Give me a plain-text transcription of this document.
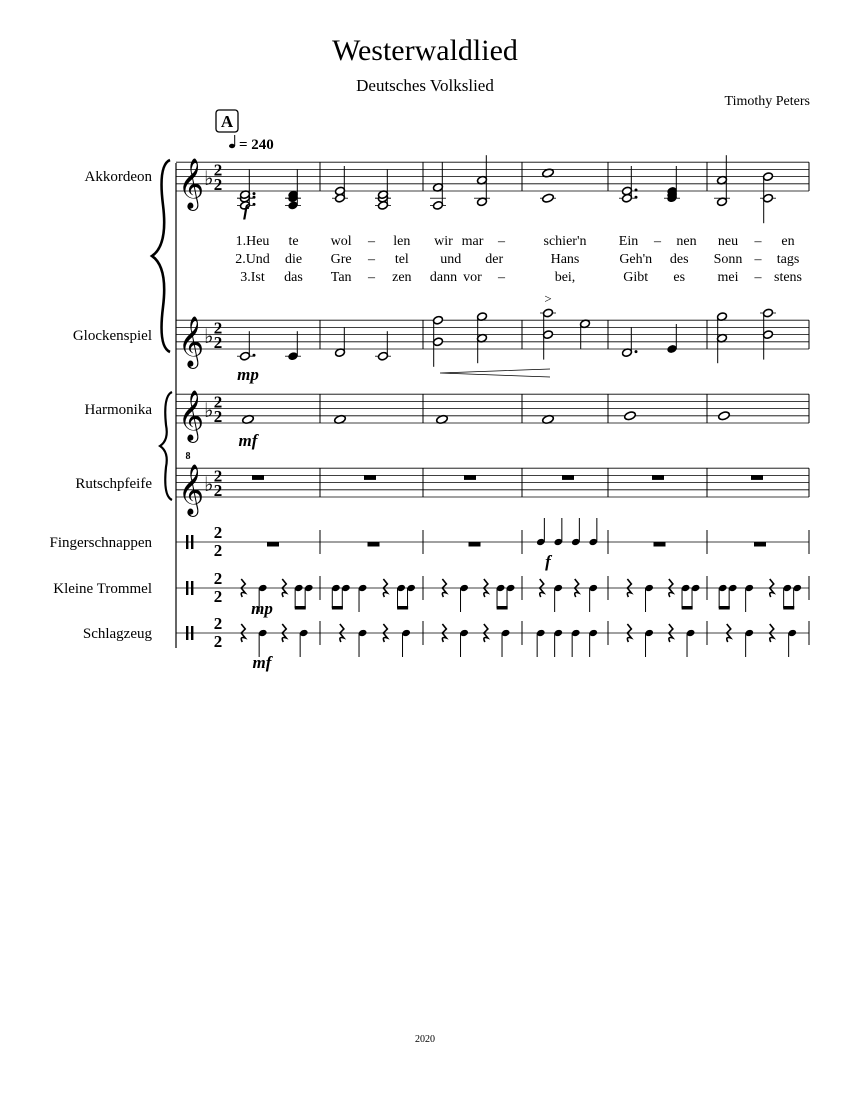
Westerwaldlied
Deutsches Volkslied
Timothy Peters
A
= 240
𝄞 ♭ 2
2
Akkordeon
𝄞 ♭ 2
2
Glockenspiel
𝄞 ♭ 2
2
Harmonika
𝄞
8
♭ 2
2
Rutschpfeife
2
2
Fingerschnappen
2
2
Kleine Trommel
2
2
Schlagzeug
>
f
mp
mf
f
mp
mf
1.Heu te wol – len wir mar –	schier'n Ein – nen neu – en
2.Und die Gre – tel und der	Hans	Geh'n des Sonn – tags
3.Ist das Tan – zen dann vor –	bei,	Gibt es mei – stens
2020
